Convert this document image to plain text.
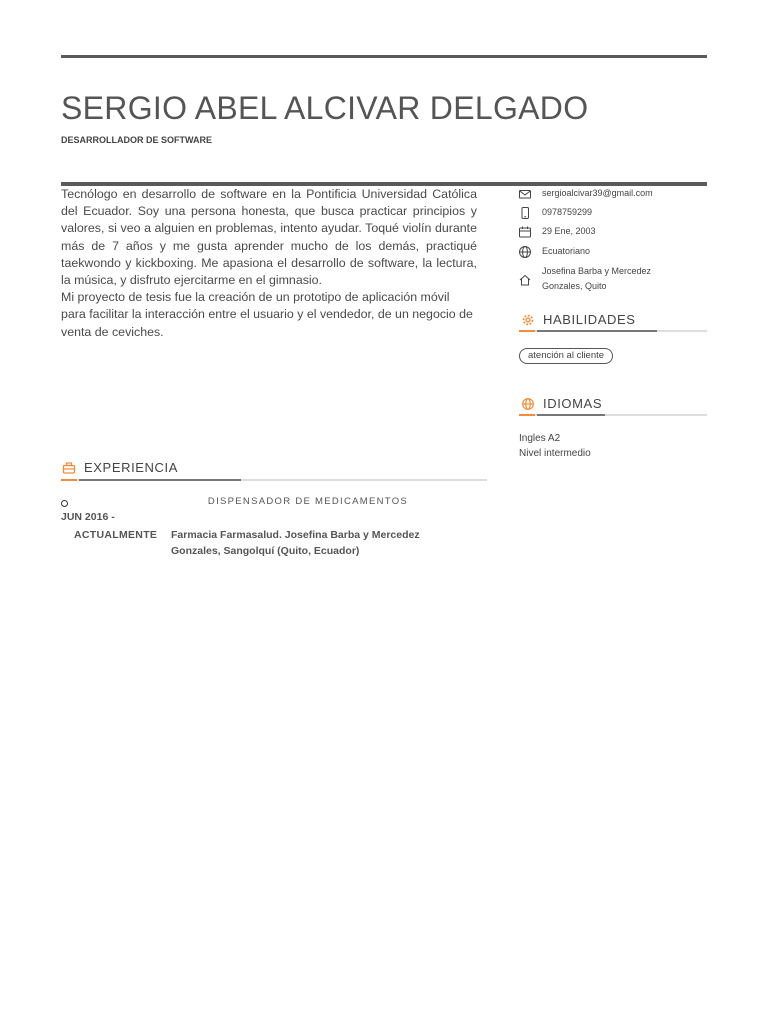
SERGIO ABEL ALCIVAR DELGADO
DESARROLLADOR DE SOFTWARE

Tecnólogo en desarrollo de software en la Pontificia Universidad Católica del Ecuador. Soy una persona honesta, que busca practicar principios y valores, si veo a alguien en problemas, intento ayudar. Toqué violín durante más de 7 años y me gusta aprender mucho de los demás, practiqué taekwondo y kickboxing. Me apasiona el desarrollo de software, la lectura, la música, y disfruto ejercitarme en el gimnasio.

Mi proyecto de tesis fue la creación de un prototipo de aplicación móvil para facilitar la interacción entre el usuario y el vendedor, de un negocio de venta de ceviches.

sergioalcivar39@gmail.com
0978759299
29 Ene, 2003
Ecuatoriano
Josefina Barba y Mercedez Gonzales, Quito
HABILIDADES
atención al cliente
IDIOMAS
Ingles A2
Nivel intermedio
EXPERIENCIA
DISPENSADOR DE MEDICAMENTOS
JUN 2016 -
ACTUALMENTE Farmacia Farmasalud. Josefina Barba y Mercedez Gonzales, Sangolquí (Quito, Ecuador)
